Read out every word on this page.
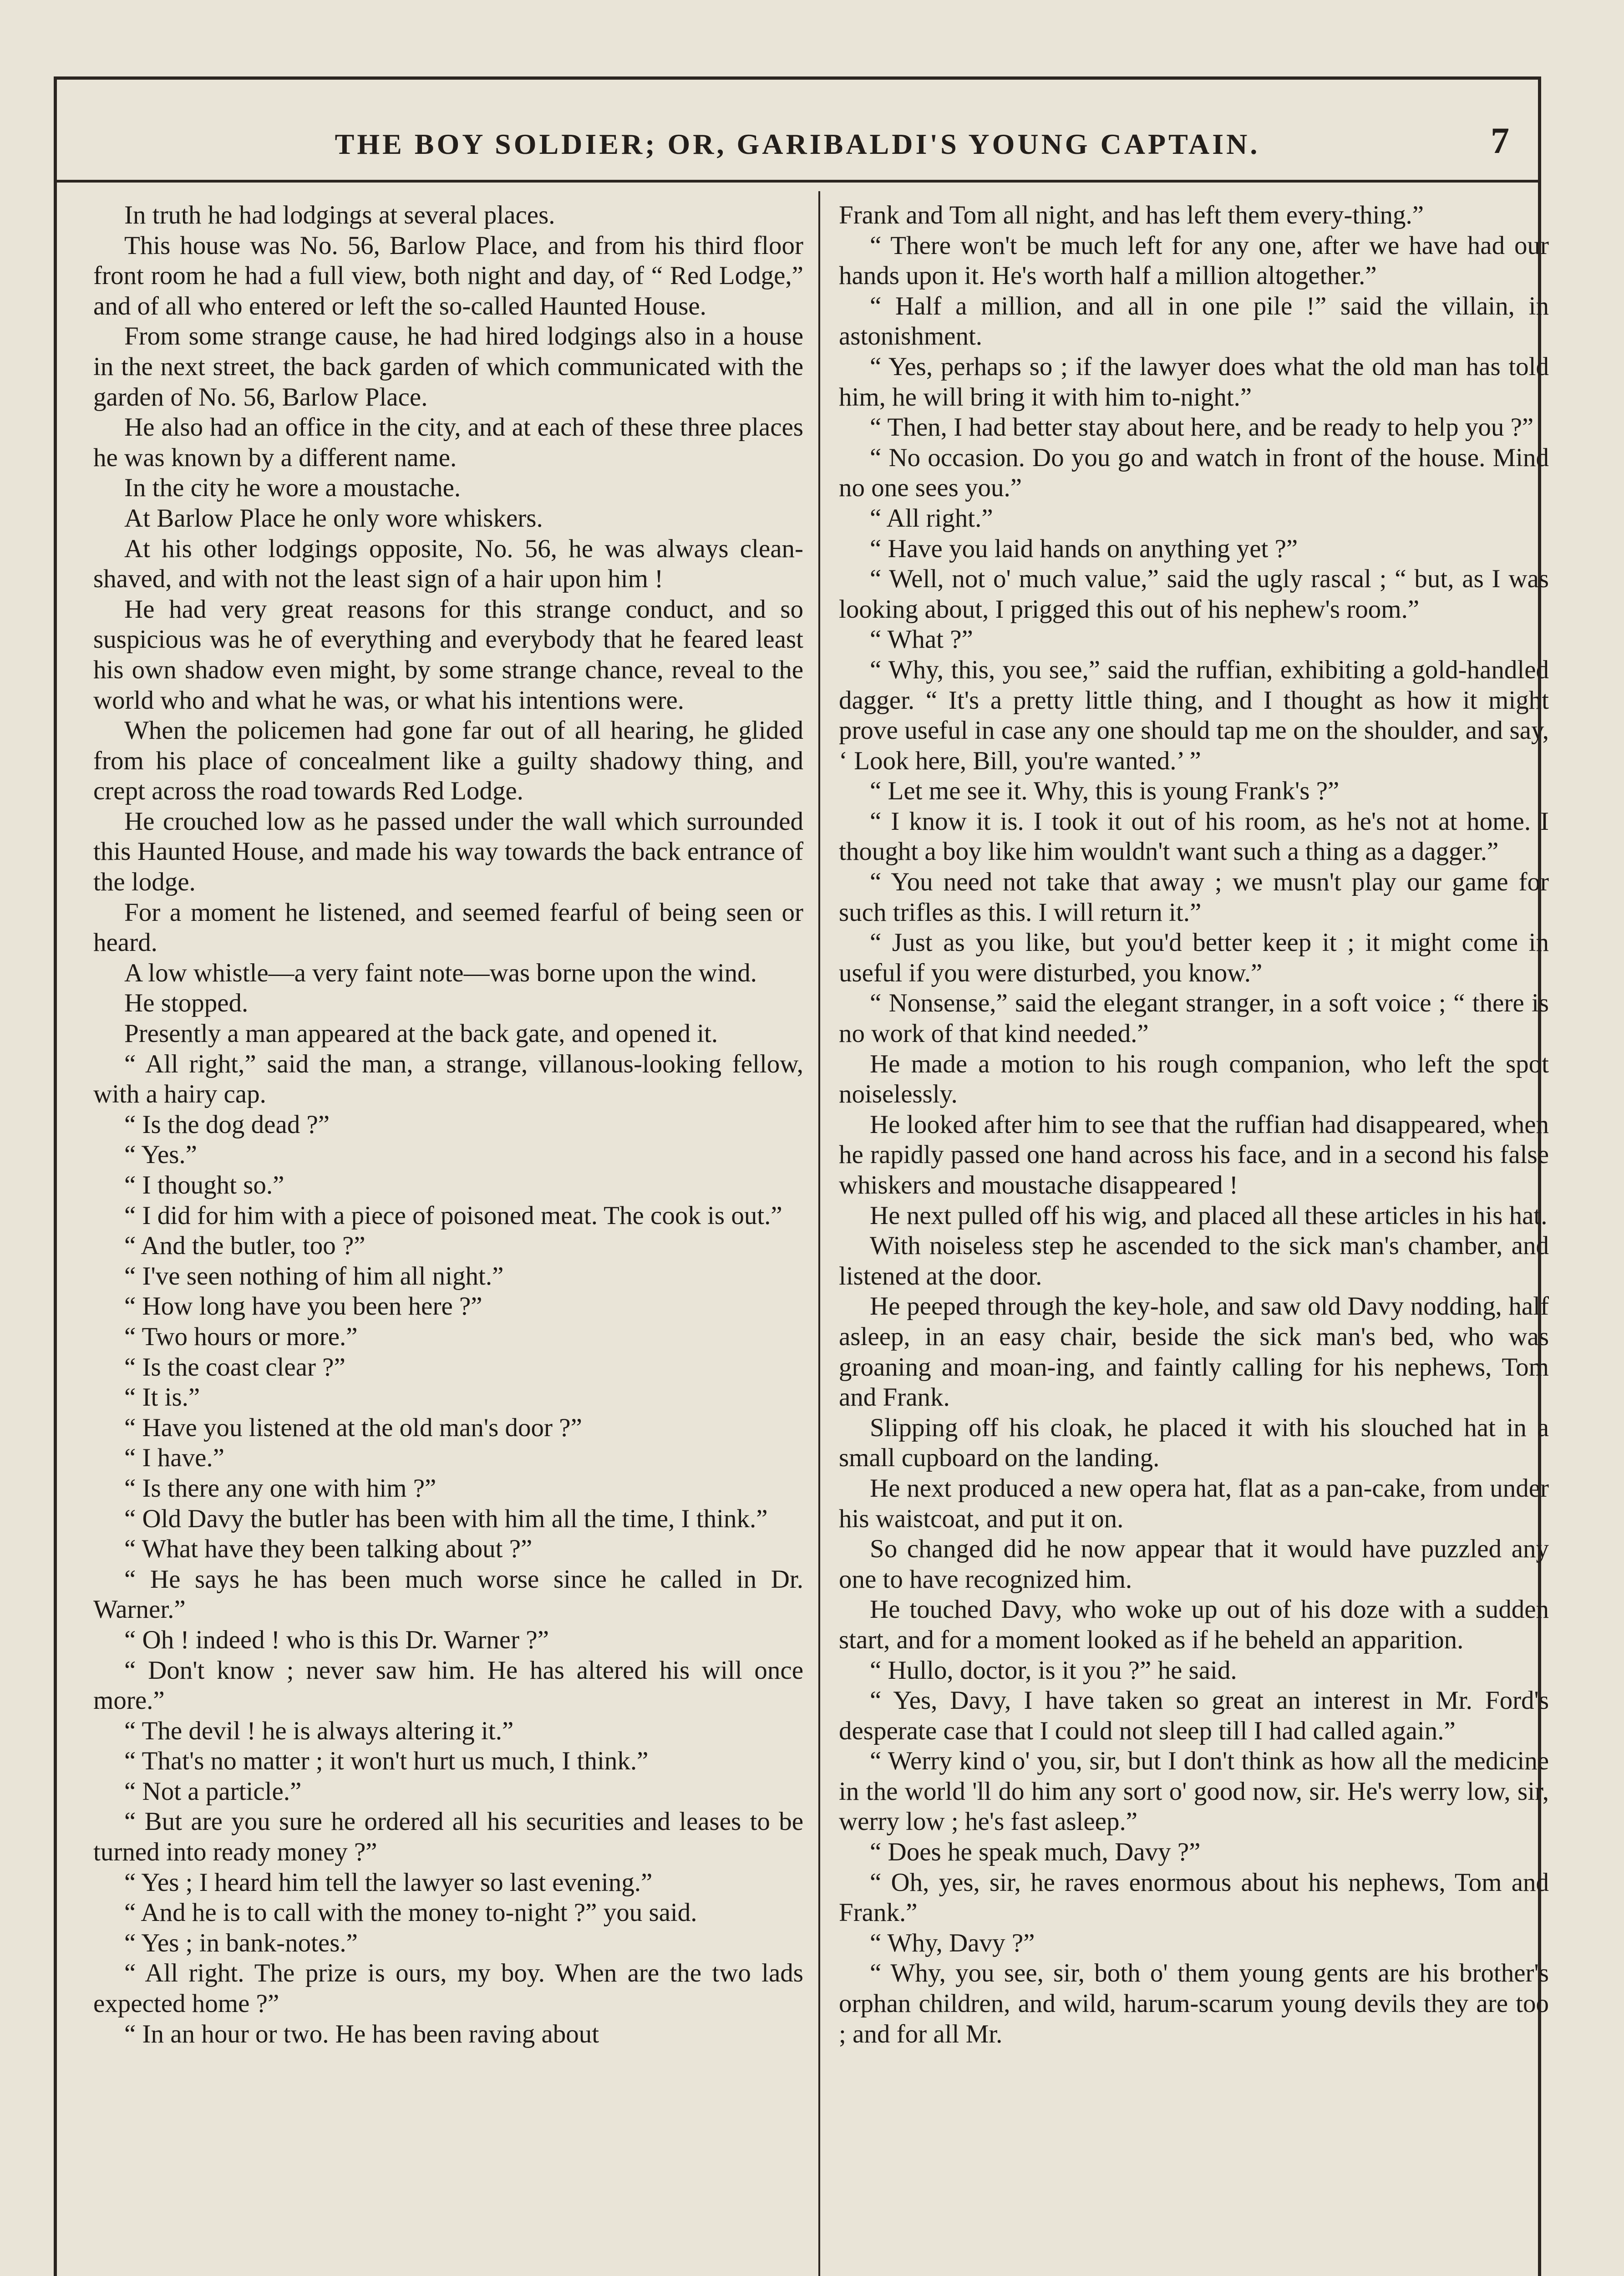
THE BOY SOLDIER; OR, GARIBALDI'S YOUNG CAPTAIN.	7

In truth he had lodgings at several places.

This house was No. 56, Barlow Place, and from his third floor front room he had a full view, both night and day, of “ Red Lodge,” and of all who entered or left the so-called Haunted House.

From some strange cause, he had hired lodgings also in a house in the next street, the back garden of which communicated with the garden of No. 56, Barlow Place.

He also had an office in the city, and at each of these three places he was known by a different name.

In the city he wore a moustache.

At Barlow Place he only wore whiskers.

At his other lodgings opposite, No. 56, he was always clean-shaved, and with not the least sign of a hair upon him !

He had very great reasons for this strange conduct, and so suspicious was he of everything and everybody that he feared least his own shadow even might, by some strange chance, reveal to the world who and what he was, or what his intentions were.

When the policemen had gone far out of all hearing, he glided from his place of concealment like a guilty shadowy thing, and crept across the road towards Red Lodge.

He crouched low as he passed under the wall which surrounded this Haunted House, and made his way towards the back entrance of the lodge.

For a moment he listened, and seemed fearful of being seen or heard.

A low whistle—a very faint note—was borne upon the wind.

He stopped.

Presently a man appeared at the back gate, and opened it.

“ All right,” said the man, a strange, villanous-looking fellow, with a hairy cap.

“ Is the dog dead ?”

“ Yes.”

“ I thought so.”

“ I did for him with a piece of poisoned meat. The cook is out.”

“ And the butler, too ?”

“ I've seen nothing of him all night.”

“ How long have you been here ?”

“ Two hours or more.”

“ Is the coast clear ?”

“ It is.”

“ Have you listened at the old man's door ?”

“ I have.”

“ Is there any one with him ?”

“ Old Davy the butler has been with him all the time, I think.”

“ What have they been talking about ?”

“ He says he has been much worse since he called in Dr. Warner.”

“ Oh ! indeed ! who is this Dr. Warner ?”

“ Don't know ; never saw him. He has altered his will once more.”

“ The devil ! he is always altering it.”

“ That's no matter ; it won't hurt us much, I think.”

“ Not a particle.”

“ But are you sure he ordered all his securities and leases to be turned into ready money ?”

“ Yes ; I heard him tell the lawyer so last evening.”

“ And he is to call with the money to-night ?” you said.

“ Yes ; in bank-notes.”

“ All right. The prize is ours, my boy. When are the two lads expected home ?”

“ In an hour or two. He has been raving about

Frank and Tom all night, and has left them every-thing.”

“ There won't be much left for any one, after we have had our hands upon it. He's worth half a million altogether.”

“ Half a million, and all in one pile !” said the villain, in astonishment.

“ Yes, perhaps so ; if the lawyer does what the old man has told him, he will bring it with him to-night.”

“ Then, I had better stay about here, and be ready to help you ?”

“ No occasion. Do you go and watch in front of the house. Mind no one sees you.”

“ All right.”

“ Have you laid hands on anything yet ?”

“ Well, not o' much value,” said the ugly rascal ; “ but, as I was looking about, I prigged this out of his nephew's room.”

“ What ?”

“ Why, this, you see,” said the ruffian, exhibiting a gold-handled dagger. “ It's a pretty little thing, and I thought as how it might prove useful in case any one should tap me on the shoulder, and say, ‘ Look here, Bill, you're wanted.’ ”

“ Let me see it. Why, this is young Frank's ?”

“ I know it is. I took it out of his room, as he's not at home. I thought a boy like him wouldn't want such a thing as a dagger.”

“ You need not take that away ; we musn't play our game for such trifles as this. I will return it.”

“ Just as you like, but you'd better keep it ; it might come in useful if you were disturbed, you know.”

“ Nonsense,” said the elegant stranger, in a soft voice ; “ there is no work of that kind needed.”

He made a motion to his rough companion, who left the spot noiselessly.

He looked after him to see that the ruffian had disappeared, when he rapidly passed one hand across his face, and in a second his false whiskers and moustache disappeared !

He next pulled off his wig, and placed all these articles in his hat.

With noiseless step he ascended to the sick man's chamber, and listened at the door.

He peeped through the key-hole, and saw old Davy nodding, half asleep, in an easy chair, beside the sick man's bed, who was groaning and moan-ing, and faintly calling for his nephews, Tom and Frank.

Slipping off his cloak, he placed it with his slouched hat in a small cupboard on the landing.

He next produced a new opera hat, flat as a pan-cake, from under his waistcoat, and put it on.

So changed did he now appear that it would have puzzled any one to have recognized him.

He touched Davy, who woke up out of his doze with a sudden start, and for a moment looked as if he beheld an apparition.

“ Hullo, doctor, is it you ?” he said.

“ Yes, Davy, I have taken so great an interest in Mr. Ford's desperate case that I could not sleep till I had called again.”

“ Werry kind o' you, sir, but I don't think as how all the medicine in the world 'll do him any sort o' good now, sir. He's werry low, sir, werry low ; he's fast asleep.”

“ Does he speak much, Davy ?”

“ Oh, yes, sir, he raves enormous about his nephews, Tom and Frank.”

“ Why, Davy ?”

“ Why, you see, sir, both o' them young gents are his brother's orphan children, and wild, harum-scarum young devils they are too ; and for all Mr.
